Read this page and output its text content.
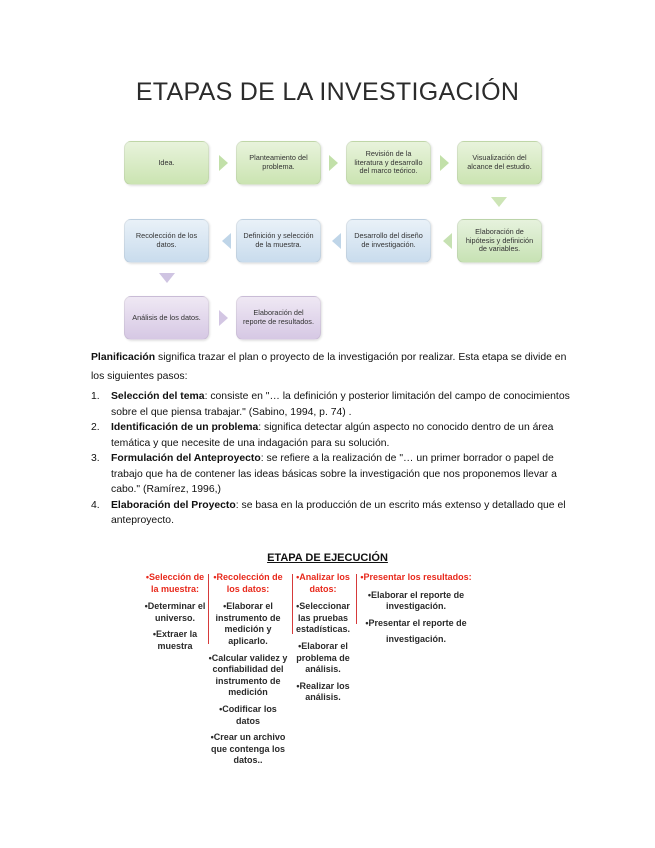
ETAPAS DE LA INVESTIGACIÓN
Idea.	Planteamiento del problema.
Revisión de la literatura y desarrollo del marco teórico.
Visualización del alcance del estudio.
Elaboración de hipótesis y definición de variables.
Desarrollo del diseño de investigación.
Definición y selección de la muestra.
Recolección de los datos.
Análisis de los datos.	Elaboración del reporte de resultados.
Planificación significa trazar el plan o proyecto de la investigación por realizar. Esta etapa se divide en los siguientes pasos:
1. Selección del tema: consiste en "… la definición y posterior limitación del campo de conocimientos sobre el que piensa trabajar." (Sabino, 1994, p. 74) .
2. Identificación de un problema: significa detectar algún aspecto no conocido dentro de un área temática y que necesite de una indagación para su solución.
3. Formulación del Anteproyecto: se refiere a la realización de "… un primer borrador o papel de trabajo que ha de contener las ideas básicas sobre la investigación que nos proponemos llevar a cabo." (Ramírez, 1996,)
4. Elaboración del Proyecto: se basa en la producción de un escrito más extenso y detallado que el anteproyecto.
ETAPA DE EJECUCIÓN
•Selección de la muestra:
•Determinar el universo.
•Extraer la muestra
•Recolección de los datos:
•Elaborar el instrumento de medición y aplicarlo.
•Calcular validez y confiabilidad del instrumento de medición
•Codificar los datos
•Crear un archivo que contenga los datos..
•Analizar los datos:
•Seleccionar las pruebas estadísticas.
•Elaborar el problema de análisis.
•Realizar los análisis.
•Presentar los resultados:
•Elaborar el reporte de investigación.
•Presentar el reporte de
investigación.
